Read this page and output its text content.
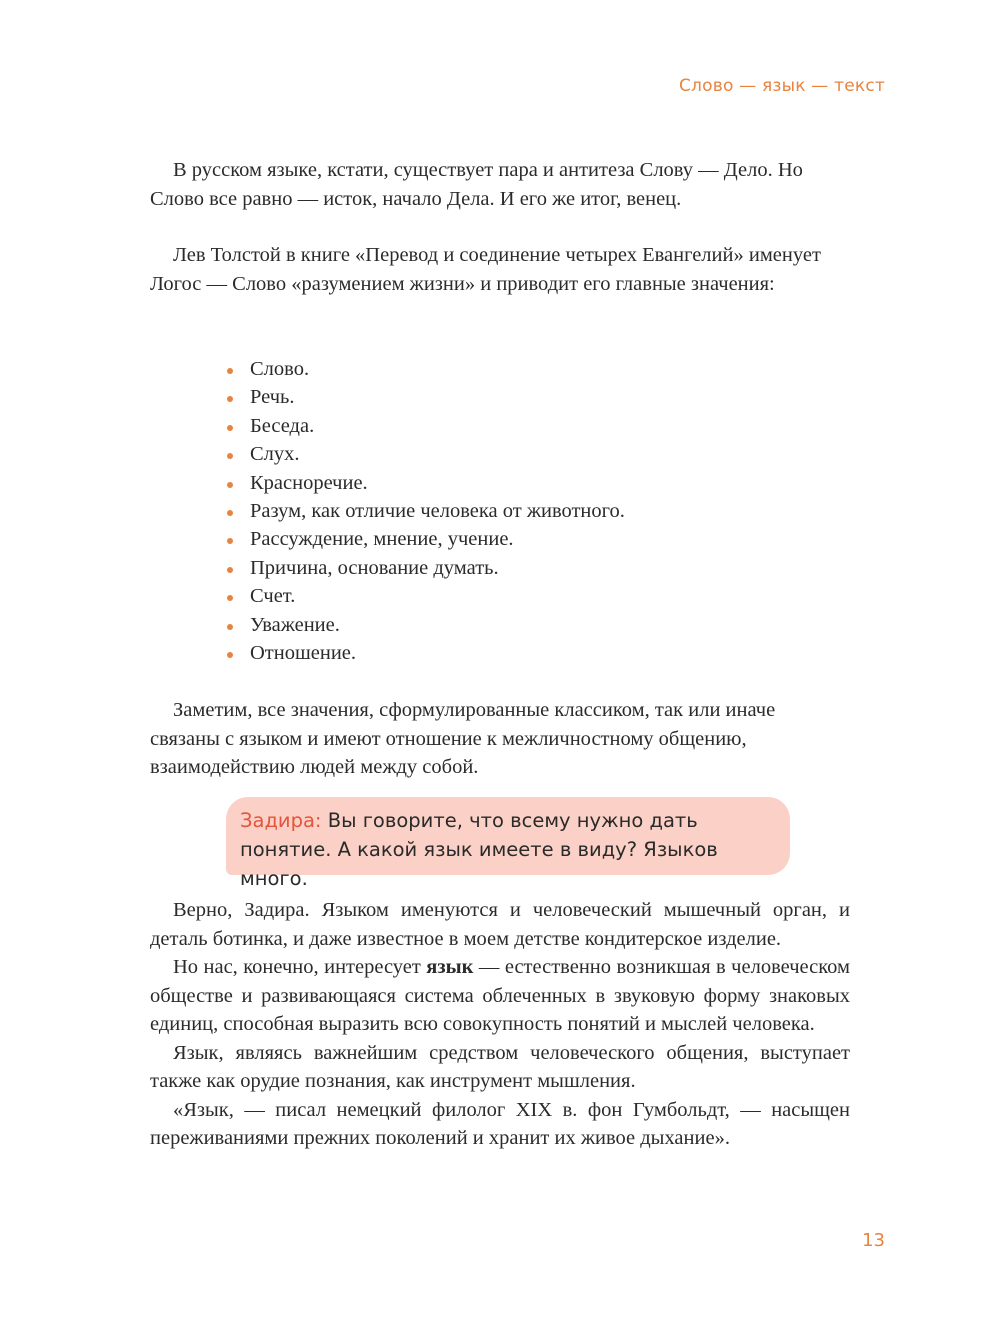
Слово — язык — текст

В русском языке, кстати, существует пара и антитеза Слову — Дело. Но Слово все равно — исток, начало Дела. И его же итог, венец.

Лев Толстой в книге «Перевод и соединение четырех Евангелий» именует Логос — Слово «разумением жизни» и приводит его главные значения:

Слово.
Речь.
Беседа.
Слух.
Красноречие.
Разум, как отличие человека от животного.
Рассуждение, мнение, учение.
Причина, основание думать.
Счет.
Уважение.
Отношение.

Заметим, все значения, сформулированные классиком, так или иначе связаны с языком и имеют отношение к межличностному общению, взаимодействию людей между собой.

Задира: Вы говорите, что всему нужно дать понятие. А какой язык имеете в виду? Языков много.

Верно, Задира. Языком именуются и человеческий мышечный орган, и деталь ботинка, и даже известное в моем детстве кондитерское изделие.

Но нас, конечно, интересует язык — естественно возникшая в человеческом обществе и развивающаяся система облеченных в звуковую форму знаковых единиц, способная выразить всю совокупность понятий и мыслей человека.

Язык, являясь важнейшим средством человеческого общения, выступает также как орудие познания, как инструмент мышления.

«Язык, — писал немецкий филолог XIX в. фон Гумбольдт, — насыщен переживаниями прежних поколений и хранит их живое дыхание».

13
